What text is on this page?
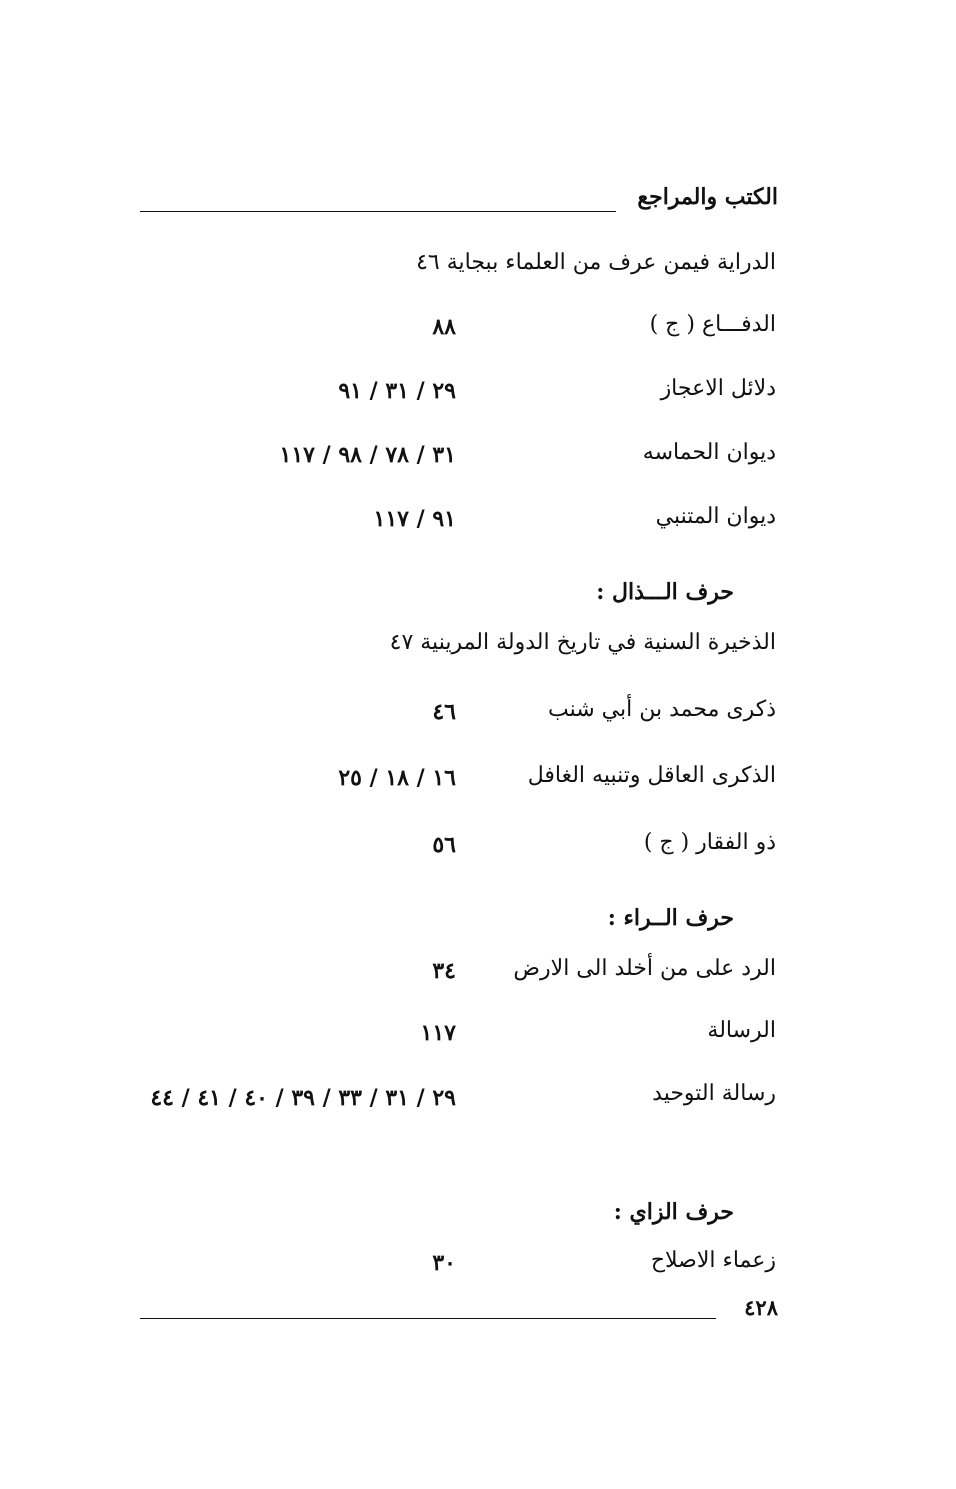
الكتب والمراجع
الدراية فيمن عرف من العلماء ببجاية ٤٦
الدفـــاع ( ج )
٨٨
دلائل الاعجاز
٢٩ / ٣١ / ٩١
ديوان الحماسه
٣١ / ٧٨ / ٩٨ / ١١٧
ديوان المتنبي
٩١ / ١١٧
حرف الـــذال :
الذخيرة السنية في تاريخ الدولة المرينية ٤٧
ذكرى محمد بن أبي شنب
٤٦
الذكرى العاقل وتنبيه الغافل
١٦ / ١٨ / ٢٥
ذو الفقار ( ج )
٥٦
حرف الــراء :
الرد على من أخلد الى الارض
٣٤
الرسالة
١١٧
رسالة التوحيد
٢٩ / ٣١ / ٣٣ / ٣٩ / ٤٠ / ٤١ / ٤٤
حرف الزاي :
زعماء الاصلاح
٣٠
٤٢٨
